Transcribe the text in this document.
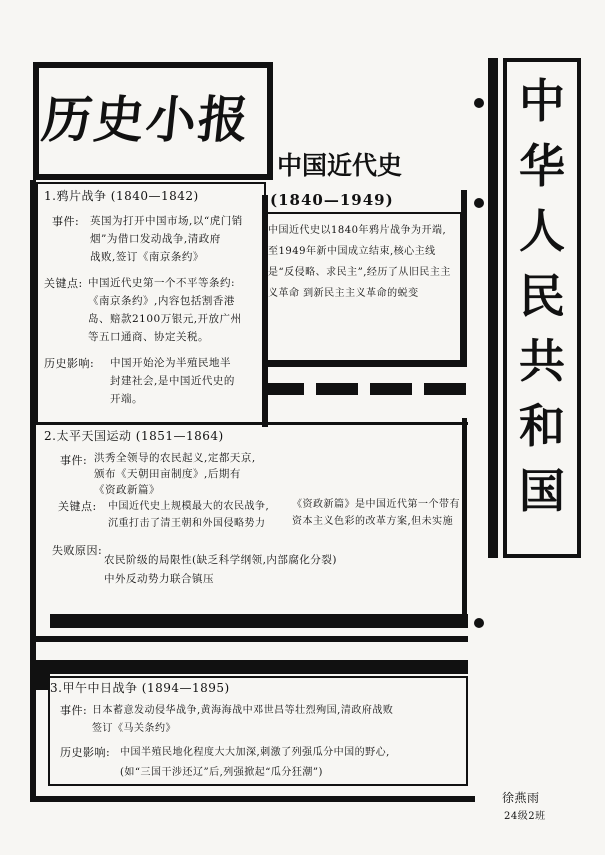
历史小报
中国近代史
中
华
人
民
共
和
国
1.鸦片战争 (1840—1842)
事件: 英国为打开中国市场,以“虎门销
烟”为借口发动战争,清政府
战败,签订《南京条约》
关键点: 中国近代史第一个不平等条约:
《南京条约》,内容包括割香港
岛、赔款2100万银元,开放广州
等五口通商、协定关税。
历史影响: 中国开始沦为半殖民地半
封建社会,是中国近代史的
开端。
(1840—1949)
中国近代史以1840年鸦片战争为开端,
至1949年新中国成立结束,核心主线
是“反侵略、求民主”,经历了从旧民主主
义革命 到新民主主义革命的蜕变
2.太平天国运动 (1851—1864)
事件: 洪秀全领导的农民起义,定都天京,
颁布《天朝田亩制度》,后期有
《资政新篇》
关键点: 中国近代史上规模最大的农民战争,
沉重打击了清王朝和外国侵略势力
《资政新篇》是中国近代第一个带有
资本主义色彩的改革方案,但未实施
失败原因:
农民阶级的局限性(缺乏科学纲领,内部腐化分裂)
中外反动势力联合镇压
3.甲午中日战争 (1894—1895)
事件: 日本蓄意发动侵华战争,黄海海战中邓世昌等壮烈殉国,清政府战败
签订《马关条约》
历史影响: 中国半殖民地化程度大大加深,刺激了列强瓜分中国的野心,
(如“三国干涉还辽”后,列强掀起“瓜分狂潮”)
徐燕雨
24级2班
